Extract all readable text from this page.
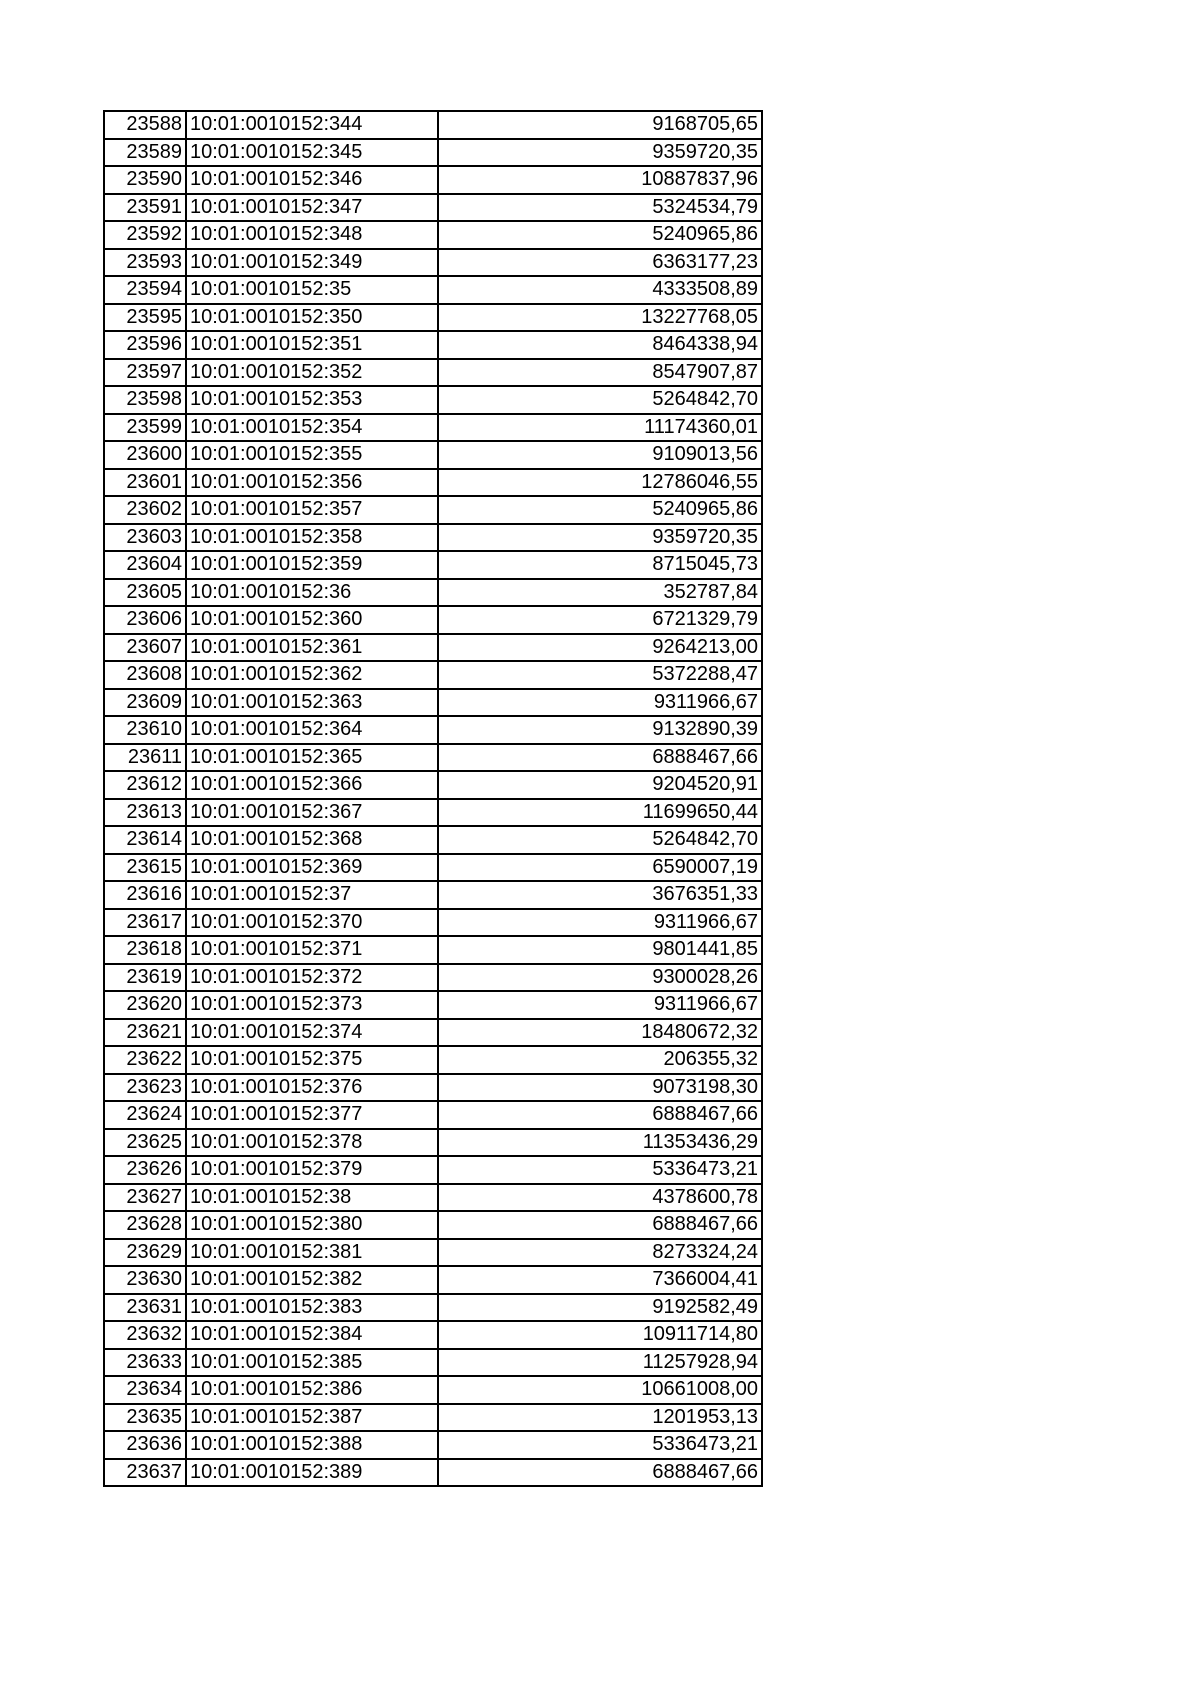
23588	10:01:0010152:344	9168705,65
23589	10:01:0010152:345	9359720,35
23590	10:01:0010152:346	10887837,96
23591	10:01:0010152:347	5324534,79
23592	10:01:0010152:348	5240965,86
23593	10:01:0010152:349	6363177,23
23594	10:01:0010152:35	4333508,89
23595	10:01:0010152:350	13227768,05
23596	10:01:0010152:351	8464338,94
23597	10:01:0010152:352	8547907,87
23598	10:01:0010152:353	5264842,70
23599	10:01:0010152:354	11174360,01
23600	10:01:0010152:355	9109013,56
23601	10:01:0010152:356	12786046,55
23602	10:01:0010152:357	5240965,86
23603	10:01:0010152:358	9359720,35
23604	10:01:0010152:359	8715045,73
23605	10:01:0010152:36	352787,84
23606	10:01:0010152:360	6721329,79
23607	10:01:0010152:361	9264213,00
23608	10:01:0010152:362	5372288,47
23609	10:01:0010152:363	9311966,67
23610	10:01:0010152:364	9132890,39
23611	10:01:0010152:365	6888467,66
23612	10:01:0010152:366	9204520,91
23613	10:01:0010152:367	11699650,44
23614	10:01:0010152:368	5264842,70
23615	10:01:0010152:369	6590007,19
23616	10:01:0010152:37	3676351,33
23617	10:01:0010152:370	9311966,67
23618	10:01:0010152:371	9801441,85
23619	10:01:0010152:372	9300028,26
23620	10:01:0010152:373	9311966,67
23621	10:01:0010152:374	18480672,32
23622	10:01:0010152:375	206355,32
23623	10:01:0010152:376	9073198,30
23624	10:01:0010152:377	6888467,66
23625	10:01:0010152:378	11353436,29
23626	10:01:0010152:379	5336473,21
23627	10:01:0010152:38	4378600,78
23628	10:01:0010152:380	6888467,66
23629	10:01:0010152:381	8273324,24
23630	10:01:0010152:382	7366004,41
23631	10:01:0010152:383	9192582,49
23632	10:01:0010152:384	10911714,80
23633	10:01:0010152:385	11257928,94
23634	10:01:0010152:386	10661008,00
23635	10:01:0010152:387	1201953,13
23636	10:01:0010152:388	5336473,21
23637	10:01:0010152:389	6888467,66
